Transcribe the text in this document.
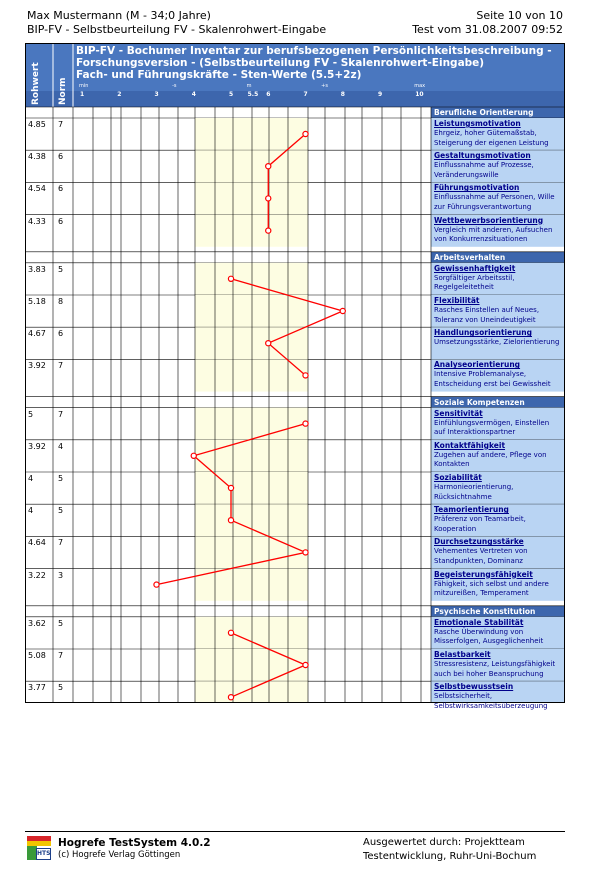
Max Mustermann (M - 34;0 Jahre)
BIP-FV - Selbstbeurteilung FV - Skalenrohwert-Eingabe
Seite 10 von 10
Test vom 31.08.2007 09:52
BIP-FV - Bochumer Inventar zur berufsbezogenen Persönlichkeitsbeschreibung -
Forschungsversion - (Selbstbeurteilung FV - Skalenrohwert-Eingabe)
Fach- und Führungskräfte - Sten-Werte (5.5+2z)
Rohwert Norm min	-s	m	+s	max
1	2	3	4	5 5.5 6	7	8	9	10
Berufliche Orientierung
4.85 7	Leistungsmotivation
Ehrgeiz, hoher Gütemaßstab, Steigerung der eigenen Leistung
4.38 6	Gestaltungsmotivation
Einflussnahme auf Prozesse, Veränderungswille
4.54 6	Führungsmotivation
Einflussnahme auf Personen, Wille zur Führungsverantwortung
4.33 6	Wettbewerbsorientierung
Vergleich mit anderen, Aufsuchen von Konkurrenzsituationen
Arbeitsverhalten
3.83 5	Gewissenhaftigkeit
Sorgfältiger Arbeitsstil, Regelgeleitetheit
5.18 8	Flexibilität
Rasches Einstellen auf Neues, Toleranz von Uneindeutigkeit
4.67 6	Handlungsorientierung
Umsetzungsstärke, Zielorientierung
3.92 7	Analyseorientierung
Intensive Problemanalyse, Entscheidung erst bei Gewissheit
Soziale Kompetenzen
5	7	Sensitivität
Einfühlungsvermögen, Einstellen auf Interaktionspartner
3.92 4	Kontaktfähigkeit
Zugehen auf andere, Pflege von Kontakten
4	5	Soziabilität
Harmonieorientierung, Rücksichtnahme
4	5	Teamorientierung
Präferenz von Teamarbeit, Kooperation
4.64 7	Durchsetzungsstärke
Vehementes Vertreten von Standpunkten, Dominanz
3.22 3	Begeisterungsfähigkeit
Fähigkeit, sich selbst und andere mitzureißen, Temperament
Psychische Konstitution
3.62 5	Emotionale Stabilität
Rasche Überwindung von Misserfolgen, Ausgeglichenheit
5.08 7	Belastbarkeit
Stressresistenz, Leistungsfähigkeit auch bei hoher Beanspruchung
3.77 5	Selbstbewusstsein
Selbstsicherheit, Selbstwirksamkeitsüberzeugung
HTS
Hogrefe TestSystem 4.0.2
(c) Hogrefe Verlag Göttingen
Ausgewertet durch: Projektteam
Testentwicklung, Ruhr-Uni-Bochum
